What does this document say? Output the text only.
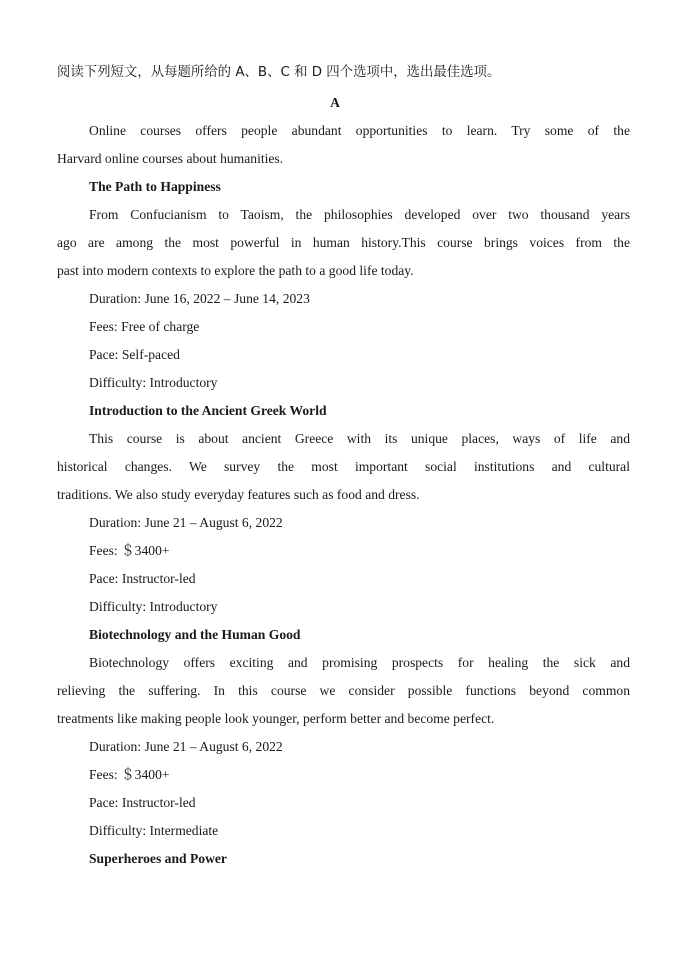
阅读下列短文，从每题所给的 A、B、C 和 D 四个选项中，选出最佳选项。
A
Online courses offers people abundant opportunities to learn. Try some of the
Harvard online courses about humanities.
The Path to Happiness
From Confucianism to Taoism, the philosophies developed over two thousand years
ago are among the most powerful in human history.This course brings voices from the
past into modern contexts to explore the path to a good life today.
Duration: June 16, 2022 – June 14, 2023
Fees: Free of charge
Pace: Self-paced
Difficulty: Introductory
Introduction to the Ancient Greek World
This course is about ancient Greece with its unique places, ways of life and
historical changes. We survey the most important social institutions and cultural
traditions. We also study everyday features such as food and dress.
Duration: June 21 – August 6, 2022
Fees: ＄3400+
Pace: Instructor-led
Difficulty: Introductory
Biotechnology and the Human Good
Biotechnology offers exciting and promising prospects for healing the sick and
relieving the suffering. In this course we consider possible functions beyond common
treatments like making people look younger, perform better and become perfect.
Duration: June 21 – August 6, 2022
Fees: ＄3400+
Pace: Instructor-led
Difficulty: Intermediate
Superheroes and Power
